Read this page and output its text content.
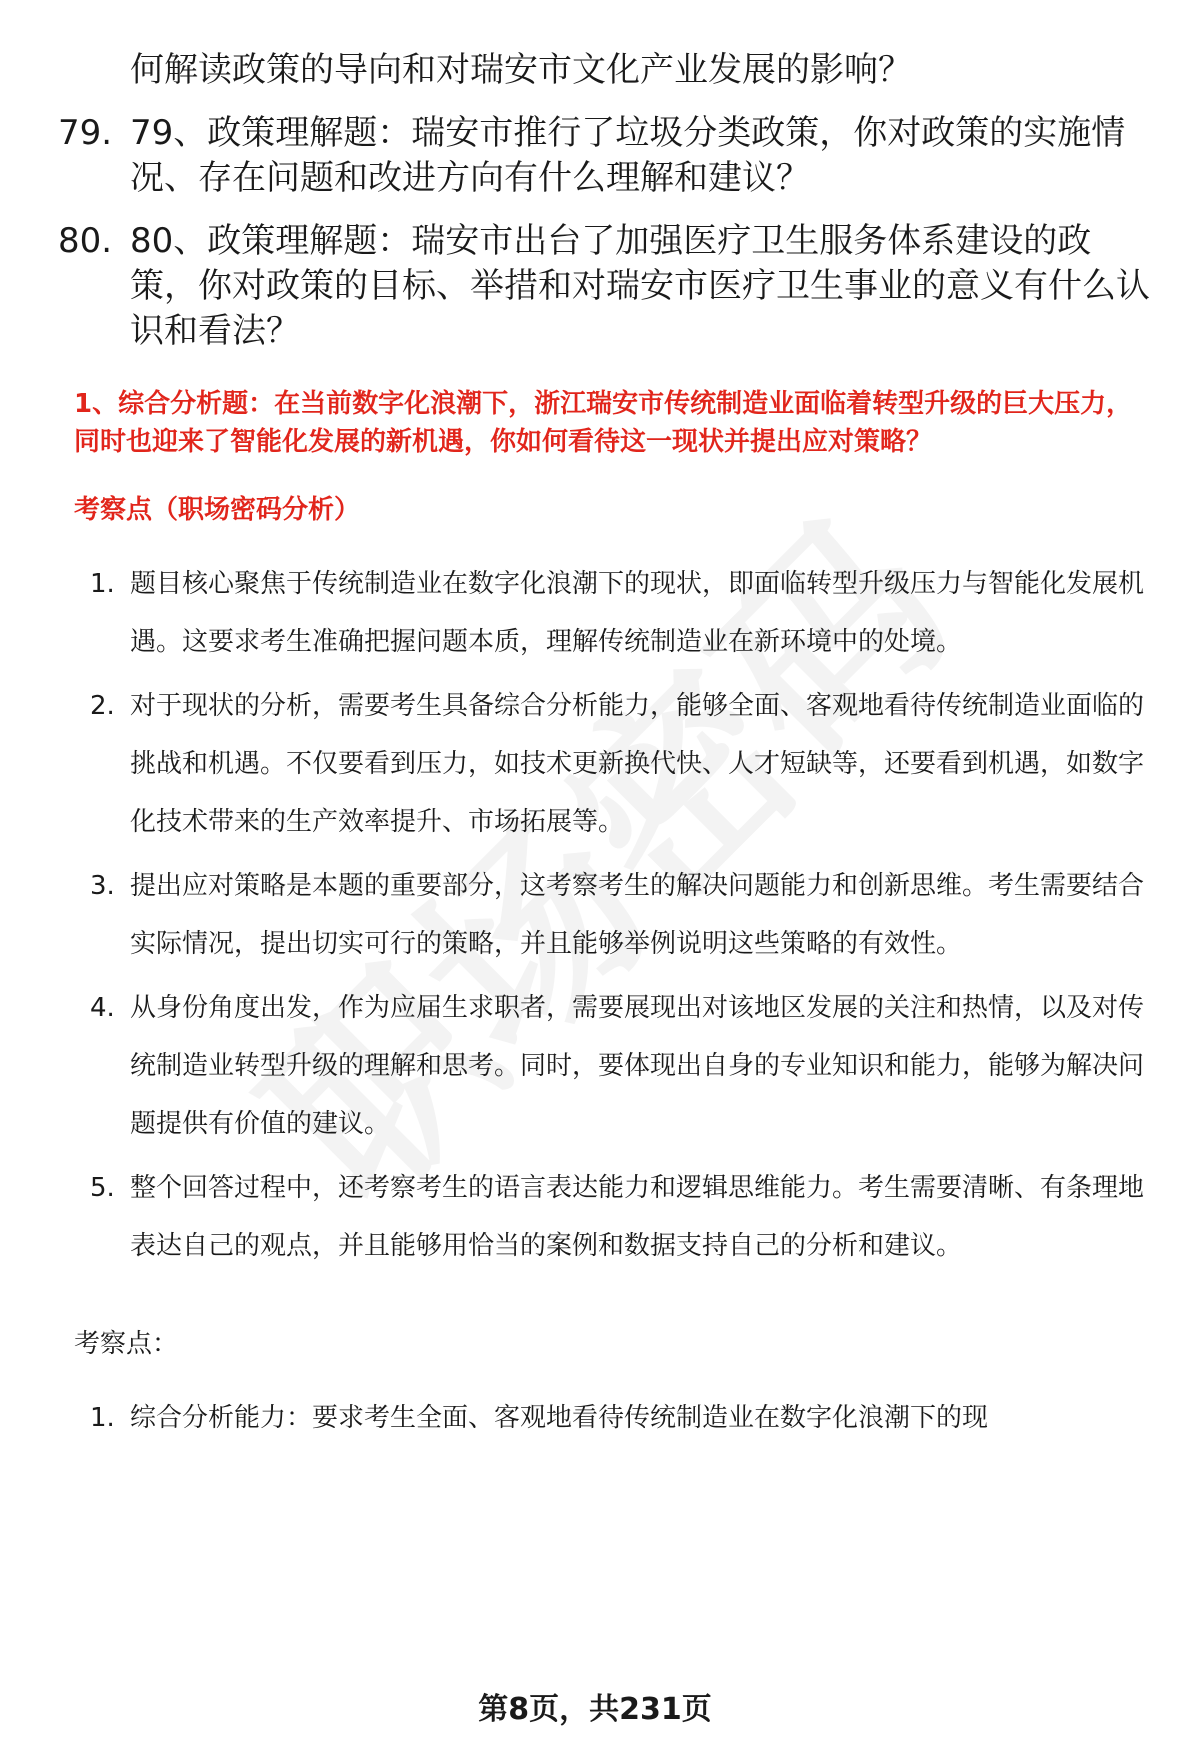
何解读政策的导向和对瑞安市文化产业发展的影响？
79. 79、政策理解题：瑞安市推行了垃圾分类政策，你对政策的实施情况、存在问题和改进方向有什么理解和建议？
80. 80、政策理解题：瑞安市出台了加强医疗卫生服务体系建设的政策，你对政策的目标、举措和对瑞安市医疗卫生事业的意义有什么认识和看法？

1、综合分析题：在当前数字化浪潮下，浙江瑞安市传统制造业面临着转型升级的巨大压力，同时也迎来了智能化发展的新机遇，你如何看待这一现状并提出应对策略？

考察点（职场密码分析）
1. 题目核心聚焦于传统制造业在数字化浪潮下的现状，即面临转型升级压力与智能化发展机遇。这要求考生准确把握问题本质，理解传统制造业在新环境中的处境。
2. 对于现状的分析，需要考生具备综合分析能力，能够全面、客观地看待传统制造业面临的挑战和机遇。不仅要看到压力，如技术更新换代快、人才短缺等，还要看到机遇，如数字化技术带来的生产效率提升、市场拓展等。
3. 提出应对策略是本题的重要部分，这考察考生的解决问题能力和创新思维。考生需要结合实际情况，提出切实可行的策略，并且能够举例说明这些策略的有效性。
4. 从身份角度出发，作为应届生求职者，需要展现出对该地区发展的关注和热情，以及对传统制造业转型升级的理解和思考。同时，要体现出自身的专业知识和能力，能够为解决问题提供有价值的建议。
5. 整个回答过程中，还考察考生的语言表达能力和逻辑思维能力。考生需要清晰、有条理地表达自己的观点，并且能够用恰当的案例和数据支持自己的分析和建议。
考察点：
1. 综合分析能力：要求考生全面、客观地看待传统制造业在数字化浪潮下的现
第8页，共231页
